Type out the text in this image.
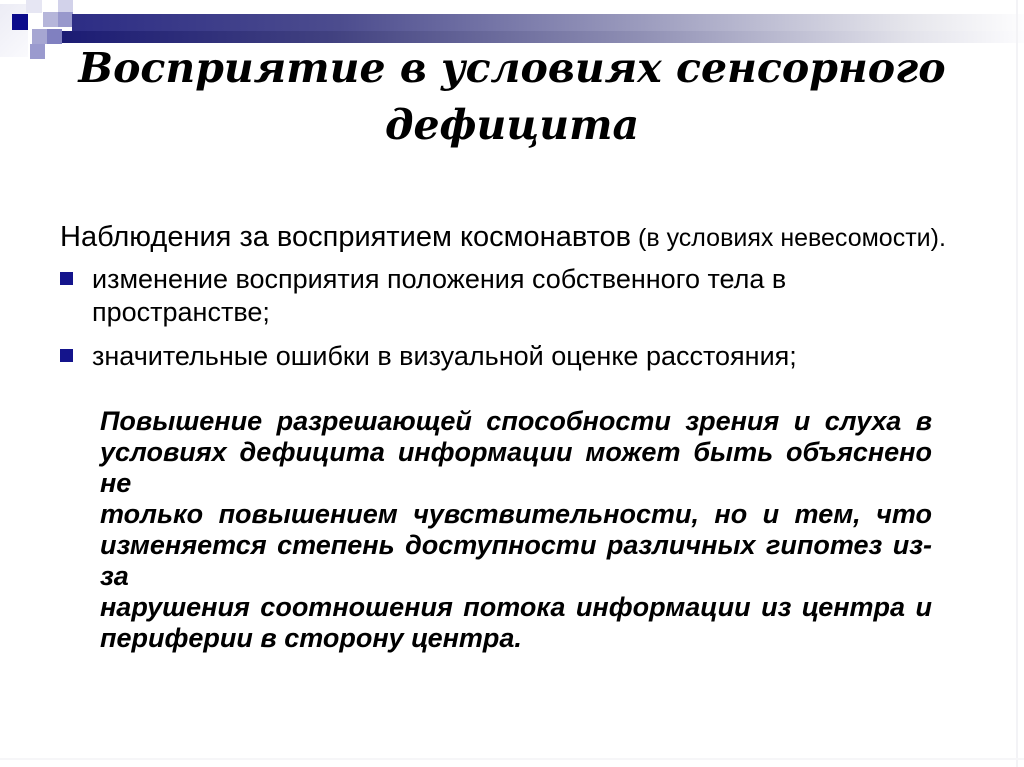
Восприятие в условиях сенсорного
дефицита
Наблюдения за восприятием космонавтов (в условиях невесомости).
изменение восприятия положения собственного тела в
пространстве;
значительные ошибки в визуальной оценке расстояния;
Повышение разрешающей способности зрения и слуха в
условиях дефицита информации может быть объяснено не
только повышением чувствительности, но и тем, что
изменяется степень доступности различных гипотез из-за
нарушения соотношения потока информации из центра и
периферии в сторону центра.
